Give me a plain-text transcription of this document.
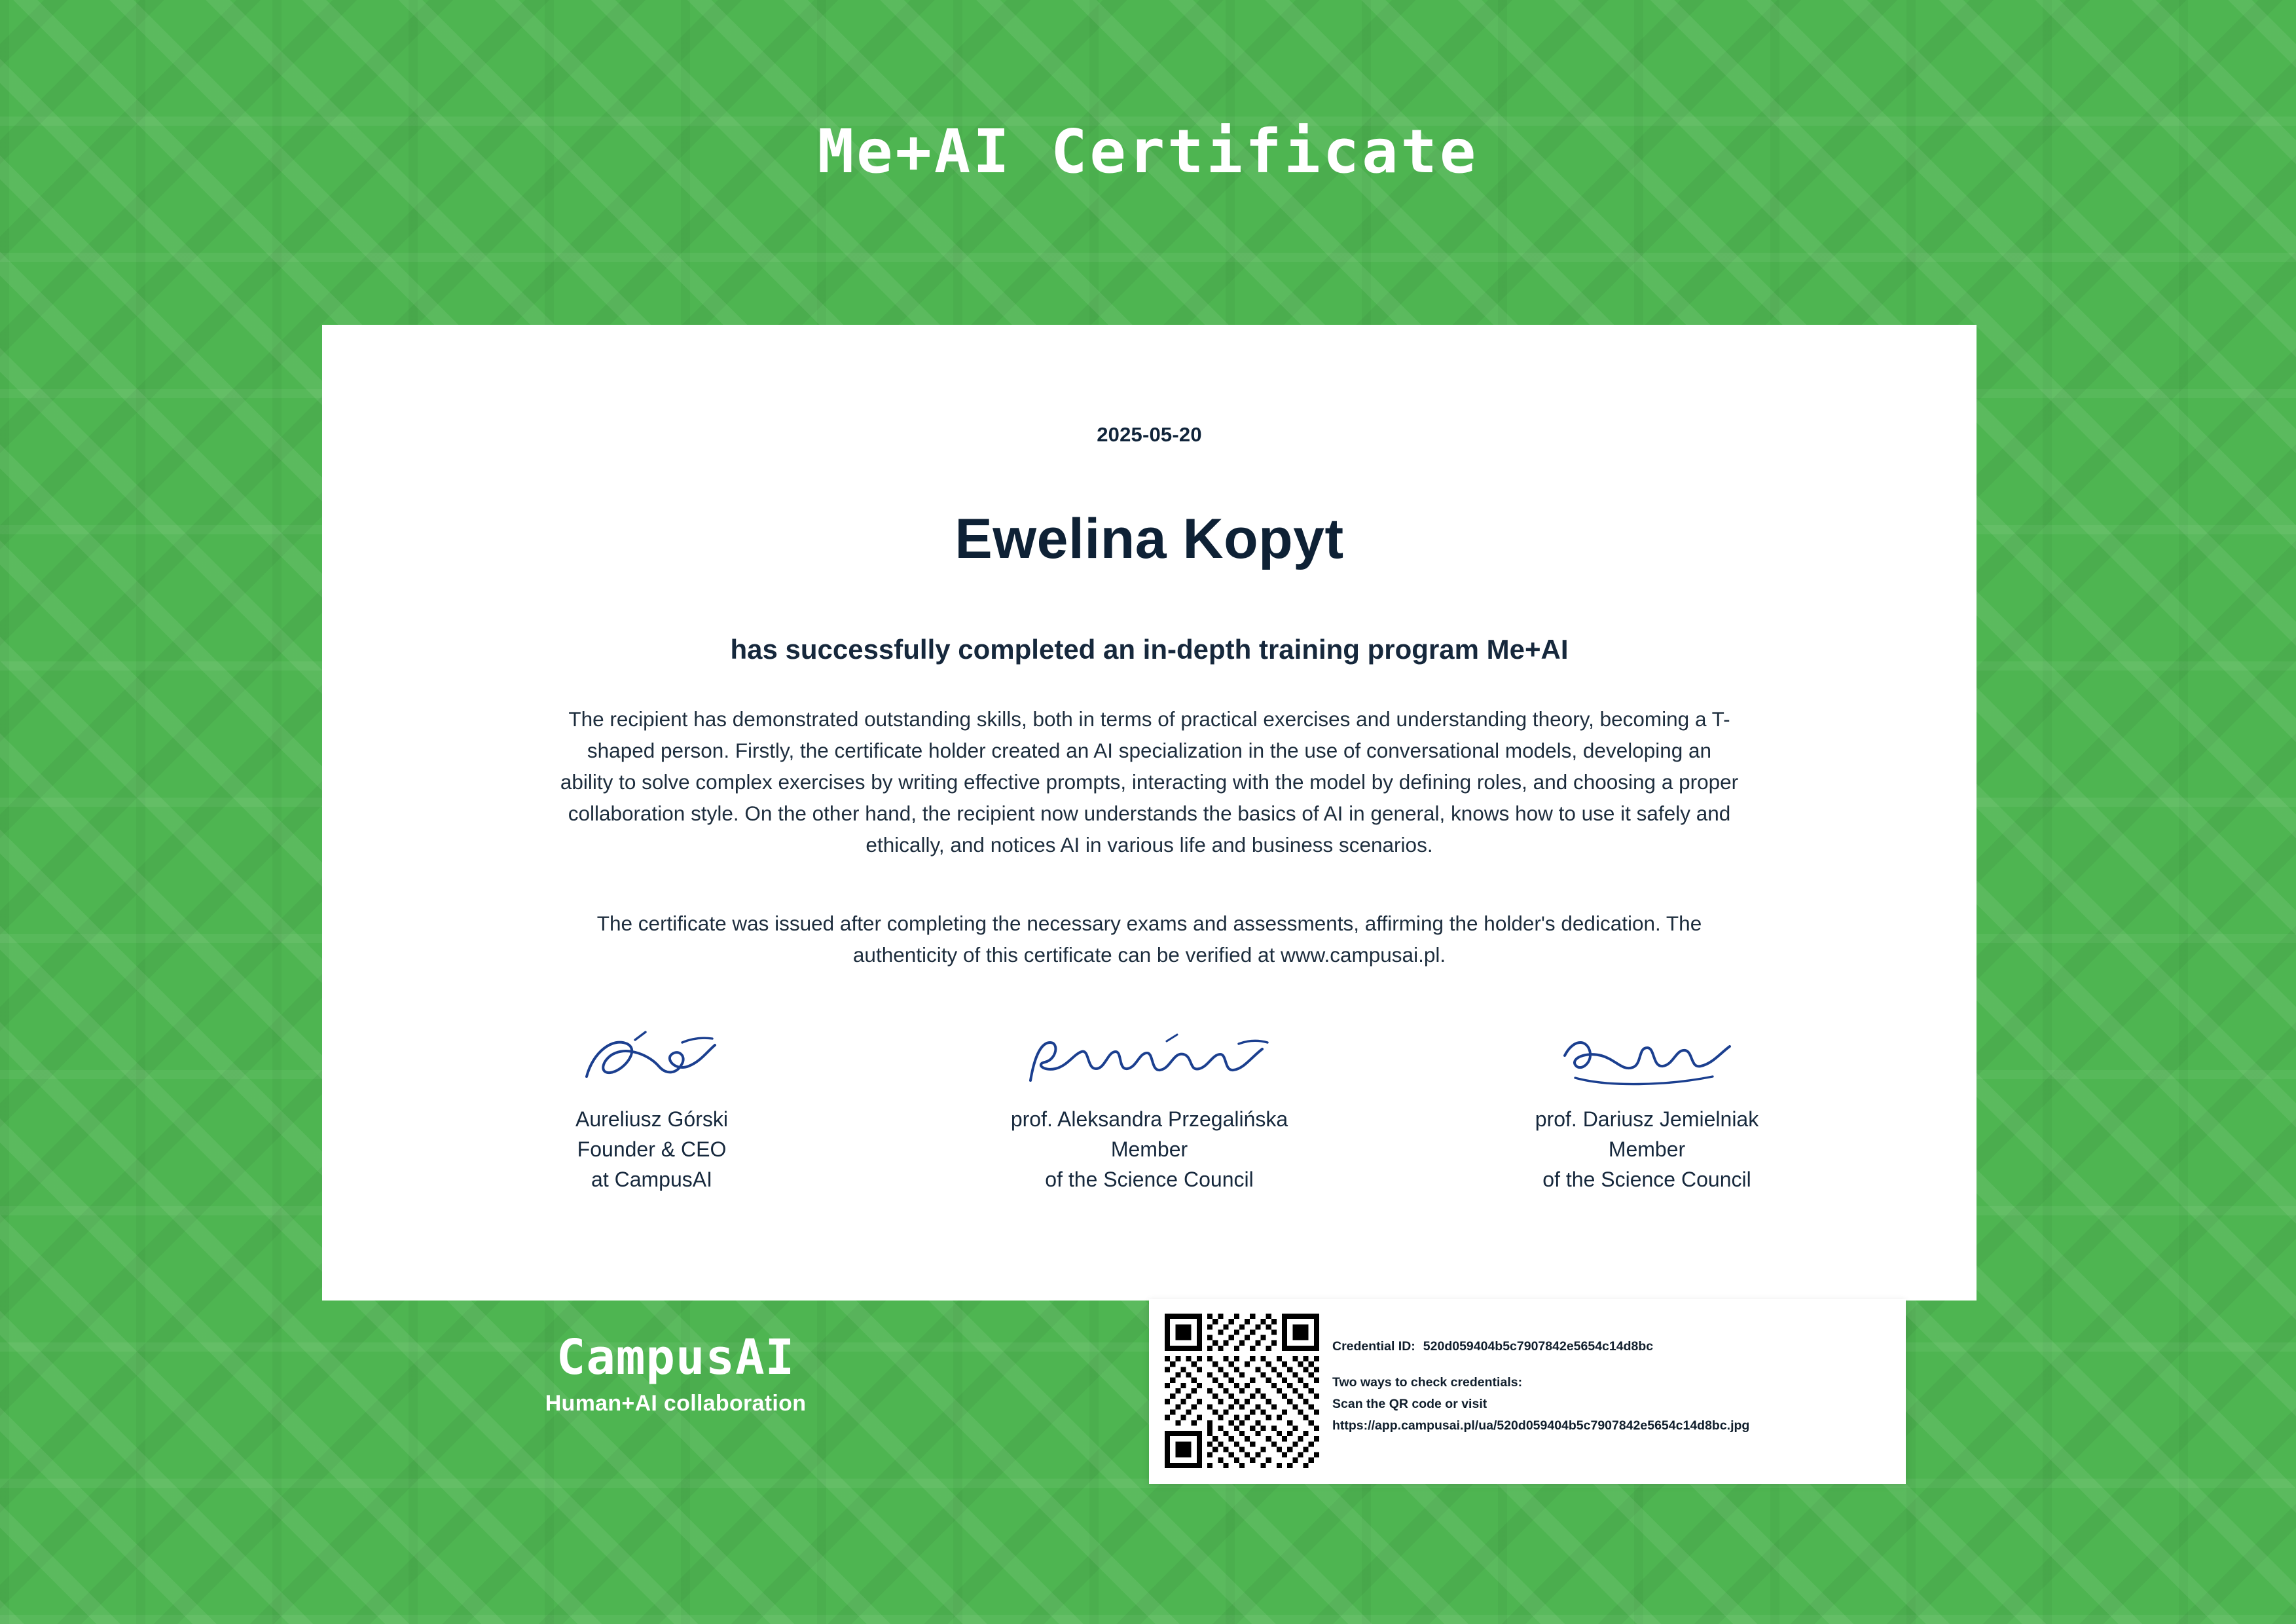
Me+AI Certificate
2025-05-20
Ewelina Kopyt
has successfully completed an in-depth training program Me+AI
The recipient has demonstrated outstanding skills, both in terms of practical exercises and understanding theory, becoming a T-shaped person. Firstly, the certificate holder created an AI specialization in the use of conversational models, developing an ability to solve complex exercises by writing effective prompts, interacting with the model by defining roles, and choosing a proper collaboration style. On the other hand, the recipient now understands the basics of AI in general, knows how to use it safely and ethically, and notices AI in various life and business scenarios.
The certificate was issued after completing the necessary exams and assessments, affirming the holder's dedication. The authenticity of this certificate can be verified at www.campusai.pl.
Aureliusz Górski
Founder & CEO
at CampusAI
prof. Aleksandra Przegalińska
Member
of the Science Council
prof. Dariusz Jemielniak
Member
of the Science Council
CampusAI
Human+AI collaboration
Credential ID: 520d059404b5c7907842e5654c14d8bc
Two ways to check credentials:
Scan the QR code or visit
https://app.campusai.pl/ua/520d059404b5c7907842e5654c14d8bc.jpg
